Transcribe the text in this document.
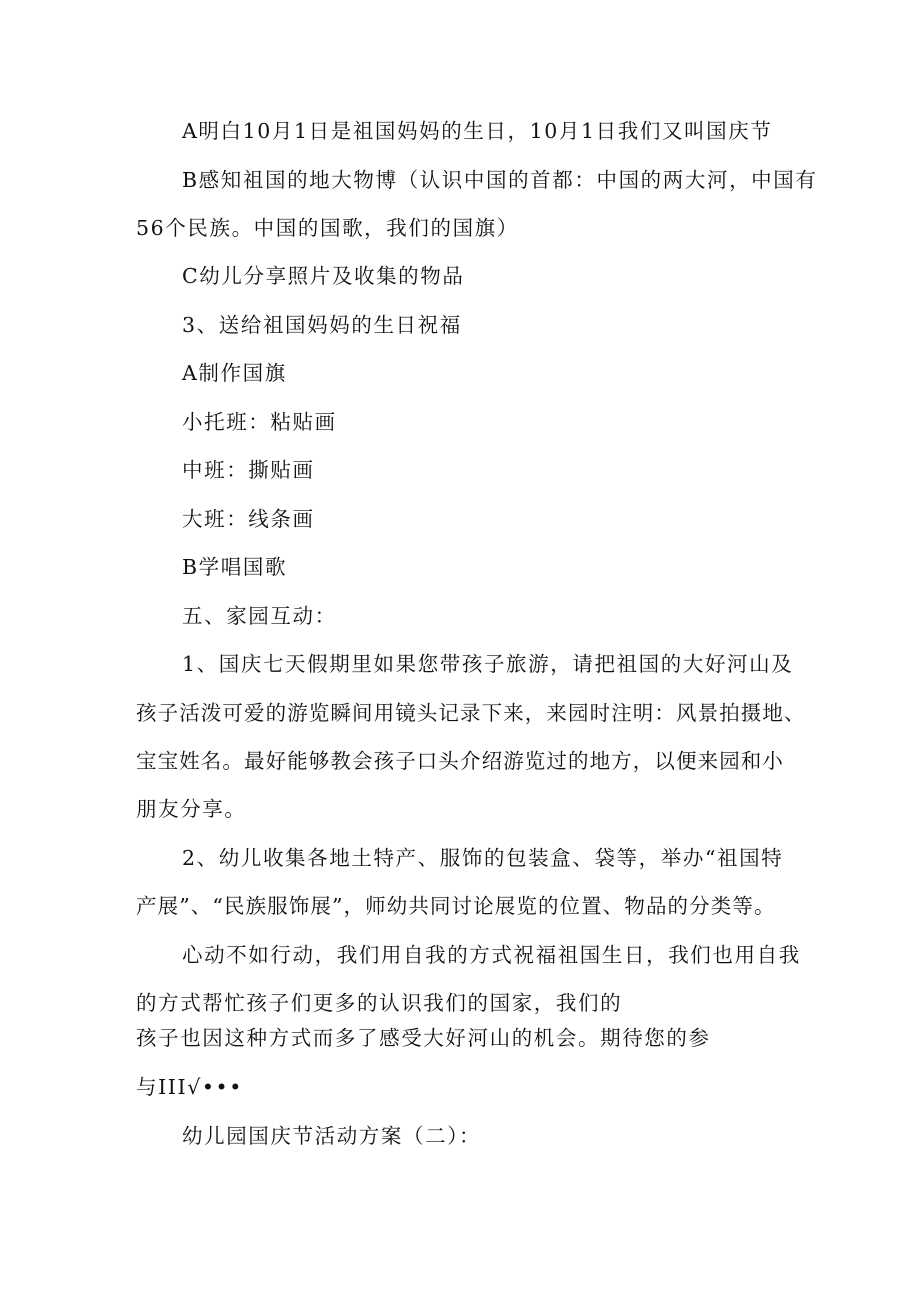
A明白10月1日是祖国妈妈的生日，10月1日我们又叫国庆节
B感知祖国的地大物博（认识中国的首都：中国的两大河，中国有
56个民族。中国的国歌，我们的国旗）
C幼儿分享照片及收集的物品
3、送给祖国妈妈的生日祝福
A制作国旗
小托班：粘贴画
中班：撕贴画
大班：线条画
B学唱国歌
五、家园互动：
1、国庆七天假期里如果您带孩子旅游，请把祖国的大好河山及
孩子活泼可爱的游览瞬间用镜头记录下来，来园时注明：风景拍摄地、
宝宝姓名。最好能够教会孩子口头介绍游览过的地方，以便来园和小
朋友分享。
2、幼儿收集各地土特产、服饰的包装盒、袋等，举办“祖国特
产展”、“民族服饰展”，师幼共同讨论展览的位置、物品的分类等。
心动不如行动，我们用自我的方式祝福祖国生日，我们也用自我
的方式帮忙孩子们更多的认识我们的国家，我们的
孩子也因这种方式而多了感受大好河山的机会。期待您的参
与III√•••
幼儿园国庆节活动方案（二）：
